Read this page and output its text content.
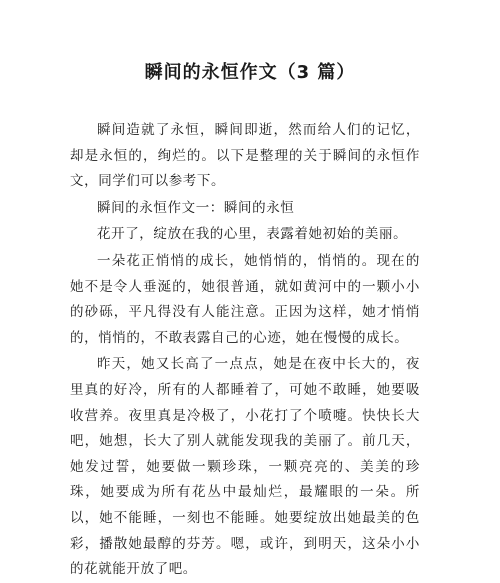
瞬间的永恒作文（3 篇）

瞬间造就了永恒，瞬间即逝，然而给人们的记忆，却是永恒的，绚烂的。以下是整理的关于瞬间的永恒作文，同学们可以参考下。

瞬间的永恒作文一：瞬间的永恒

花开了，绽放在我的心里，表露着她初始的美丽。

一朵花正悄悄的成长，她悄悄的，悄悄的。现在的她不是令人垂涎的，她很普通，就如黄河中的一颗小小的砂砾，平凡得没有人能注意。正因为这样，她才悄悄的，悄悄的，不敢表露自己的心迹，她在慢慢的成长。

昨天，她又长高了一点点，她是在夜中长大的，夜里真的好冷，所有的人都睡着了，可她不敢睡，她要吸收营养。夜里真是冷极了，小花打了个喷嚏。快快长大吧，她想，长大了别人就能发现我的美丽了。前几天，她发过誓，她要做一颗珍珠，一颗亮亮的、美美的珍珠，她要成为所有花丛中最灿烂，最耀眼的一朵。所以，她不能睡，一刻也不能睡。她要绽放出她最美的色彩，播散她最醇的芬芳。嗯，或许，到明天，这朵小小的花就能开放了吧。
